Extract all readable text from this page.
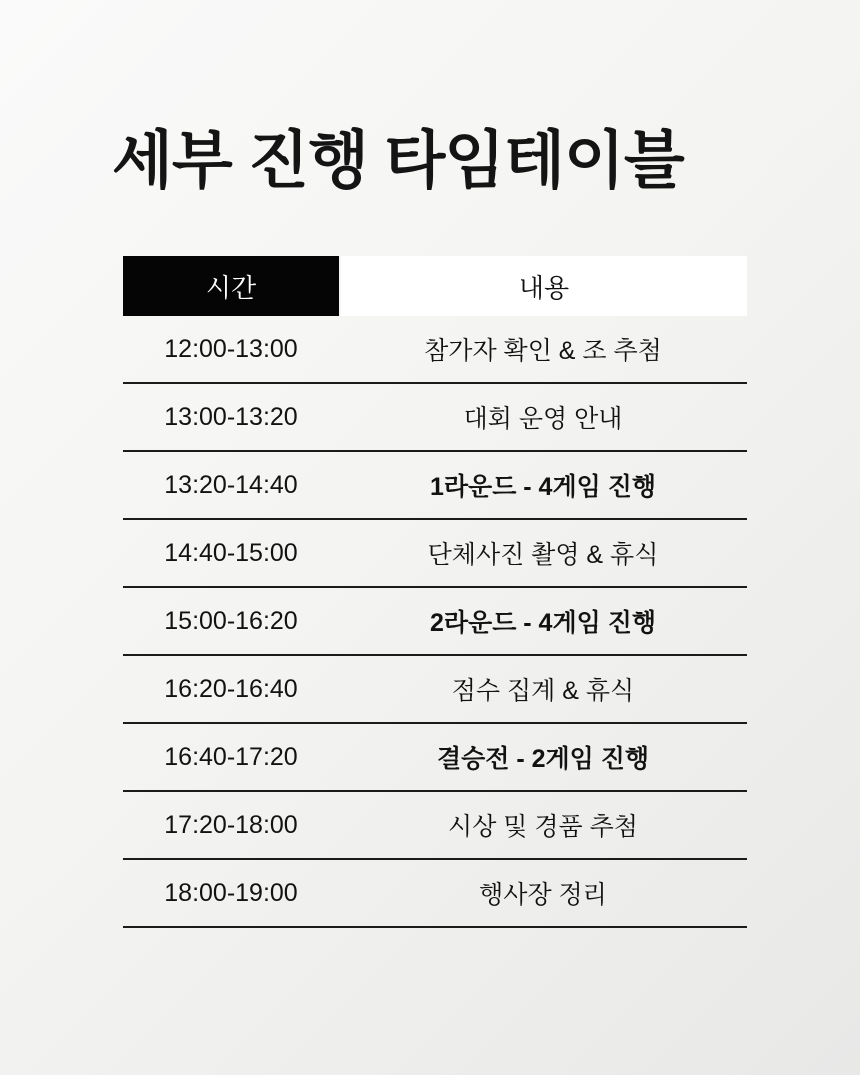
세부 진행 타임테이블
시간	내용
12:00-13:00	참가자 확인 & 조 추첨
13:00-13:20	대회 운영 안내
13:20-14:40	1라운드 - 4게임 진행
14:40-15:00	단체사진 촬영 & 휴식
15:00-16:20	2라운드 - 4게임 진행
16:20-16:40	점수 집계 & 휴식
16:40-17:20	결승전 - 2게임 진행
17:20-18:00	시상 및 경품 추첨
18:00-19:00	행사장 정리
